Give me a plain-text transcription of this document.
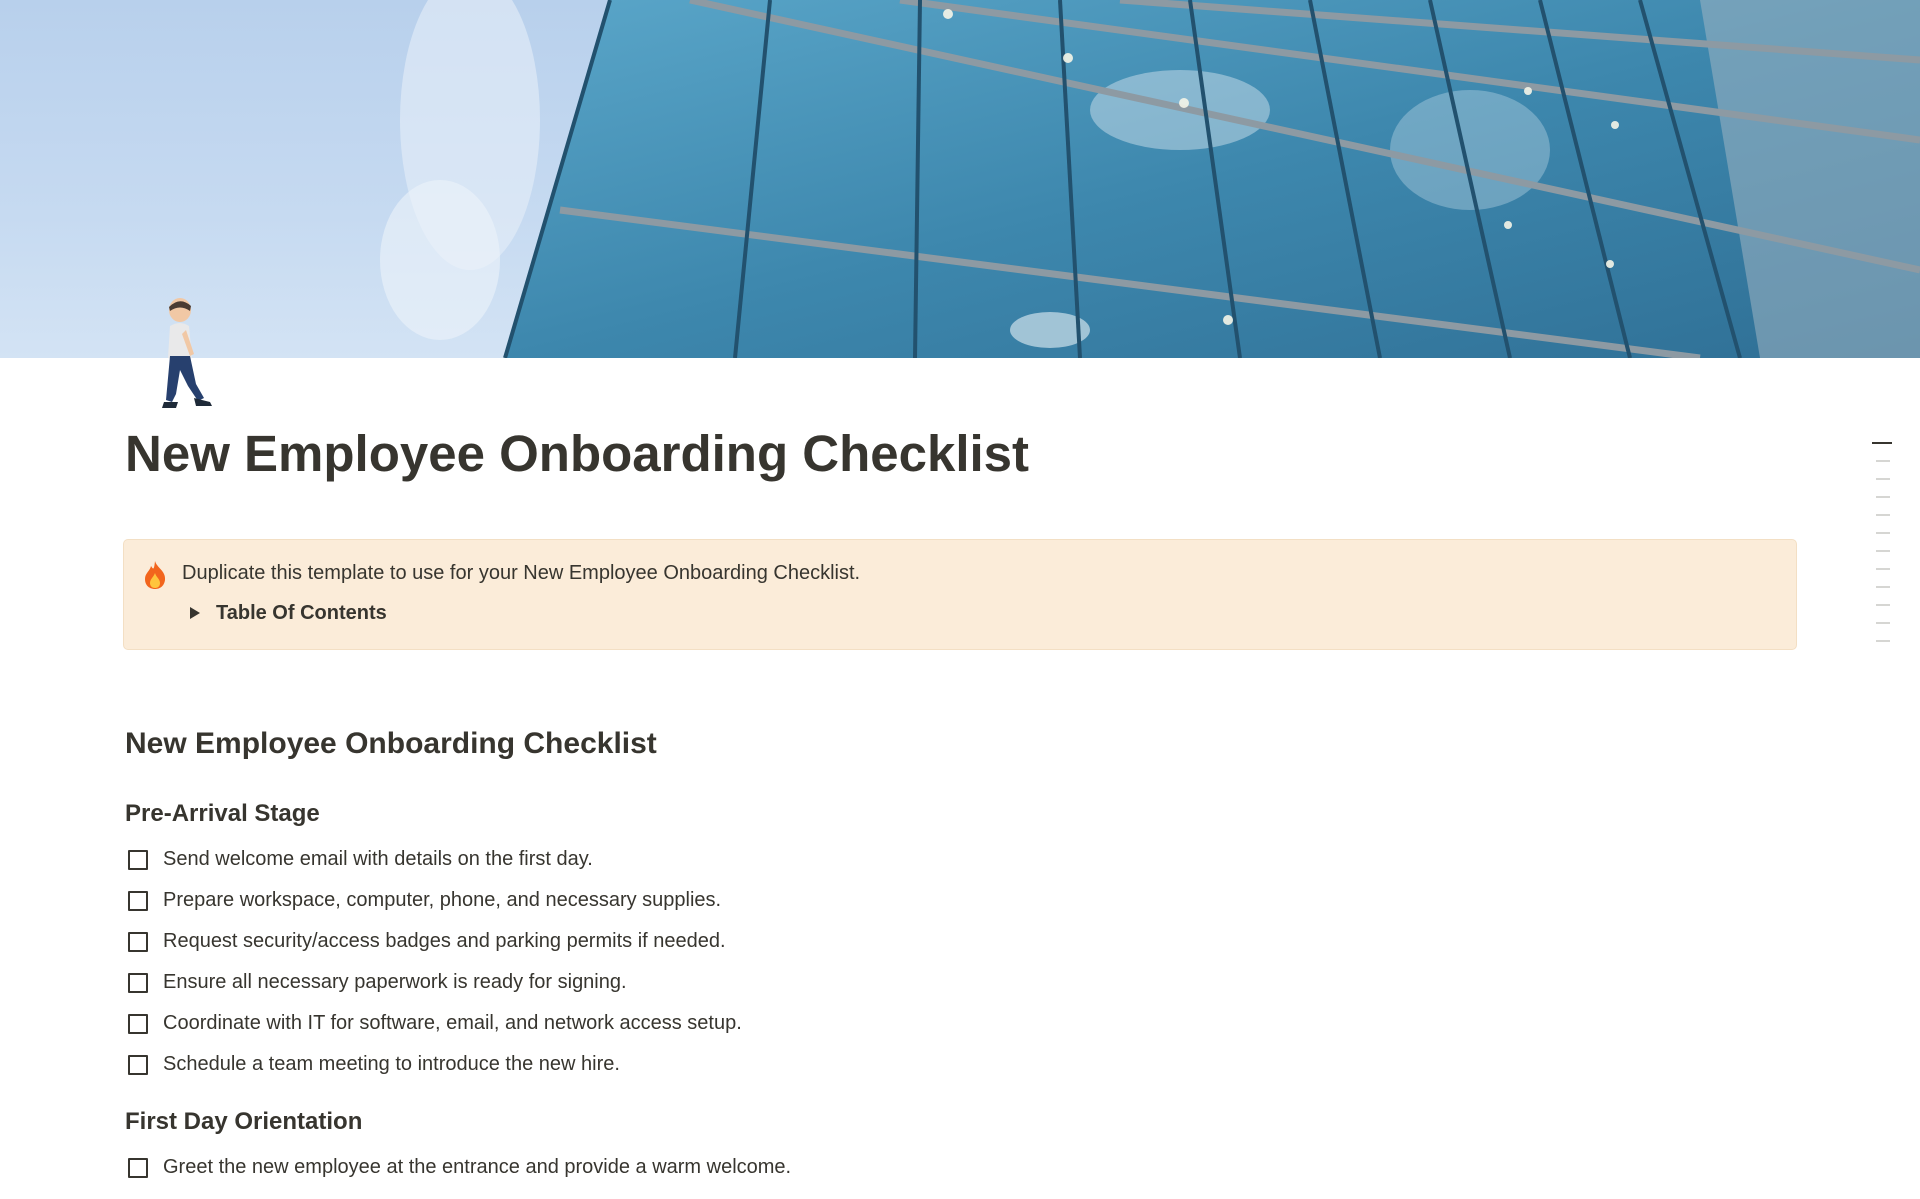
New Employee Onboarding Checklist
Duplicate this template to use for your New Employee Onboarding Checklist.
Table Of Contents
New Employee Onboarding Checklist
Pre-Arrival Stage
Send welcome email with details on the first day.
Prepare workspace, computer, phone, and necessary supplies.
Request security/access badges and parking permits if needed.
Ensure all necessary paperwork is ready for signing.
Coordinate with IT for software, email, and network access setup.
Schedule a team meeting to introduce the new hire.
First Day Orientation
Greet the new employee at the entrance and provide a warm welcome.
